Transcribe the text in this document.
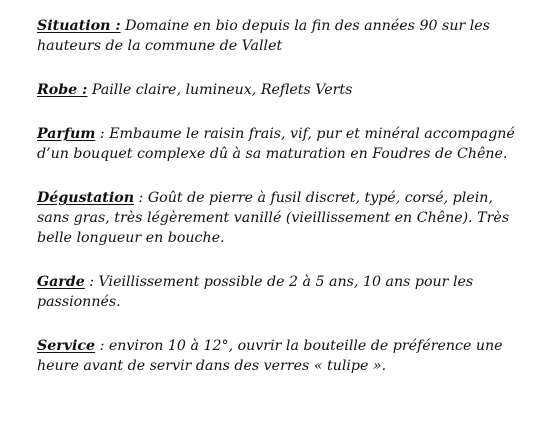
Situation : Domaine en bio depuis la fin des années 90 sur les hauteurs de la commune de Vallet

Robe : Paille claire, lumineux, Reflets Verts

Parfum : Embaume le raisin frais, vif, pur et minéral accompagné d’un bouquet complexe dû à sa maturation en Foudres de Chêne.

Dégustation : Goût de pierre à fusil discret, typé, corsé, plein, sans gras, très légèrement vanillé (vieillissement en Chêne). Très belle longueur en bouche.

Garde : Vieillissement possible de 2 à 5 ans, 10 ans pour les passionnés.

Service : environ 10 à 12°, ouvrir la bouteille de préférence une heure avant de servir dans des verres « tulipe ».
